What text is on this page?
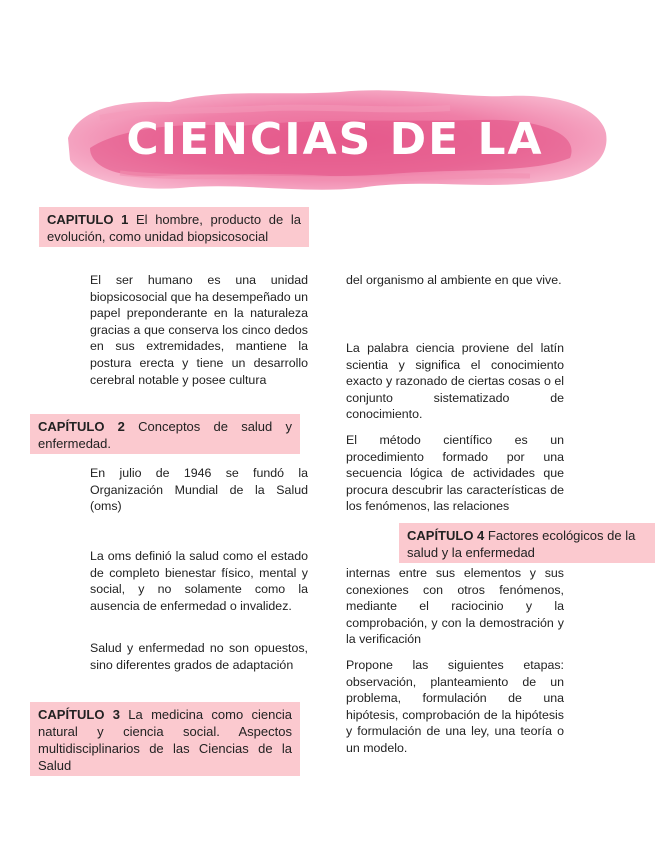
CIENCIAS DE LA
CAPITULO 1 El hombre, producto de la evolución, como unidad biopsicosocial

El ser humano es una unidad biopsicosocial que ha desempeñado un papel preponderante en la naturaleza gracias a que conserva los cinco dedos en sus extremidades, mantiene la postura erecta y tiene un desarrollo cerebral notable y posee cultura

CAPÍTULO 2 Conceptos de salud y enfermedad.

En julio de 1946 se fundó la Organización Mundial de la Salud (oms)

La oms definió la salud como el estado de completo bienestar físico, mental y social, y no solamente como la ausencia de enfermedad o invalidez.

Salud y enfermedad no son opuestos, sino diferentes grados de adaptación

CAPÍTULO 3 La medicina como ciencia natural y ciencia social. Aspectos multidisciplinarios de las Ciencias de la Salud

del organismo al ambiente en que vive.

La palabra ciencia proviene del latín scientia y significa el conocimiento exacto y razonado de ciertas cosas o el conjunto sistematizado de conocimiento.

El método científico es un procedimiento formado por una secuencia lógica de actividades que procura descubrir las características de los fenómenos, las relaciones

CAPÍTULO 4 Factores ecológicos de la salud y la enfermedad

internas entre sus elementos y sus conexiones con otros fenómenos, mediante el raciocinio y la comprobación, y con la demostración y la verificación

Propone las siguientes etapas: observación, planteamiento de un problema, formulación de una hipótesis, comprobación de la hipótesis y formulación de una ley, una teoría o un modelo.
